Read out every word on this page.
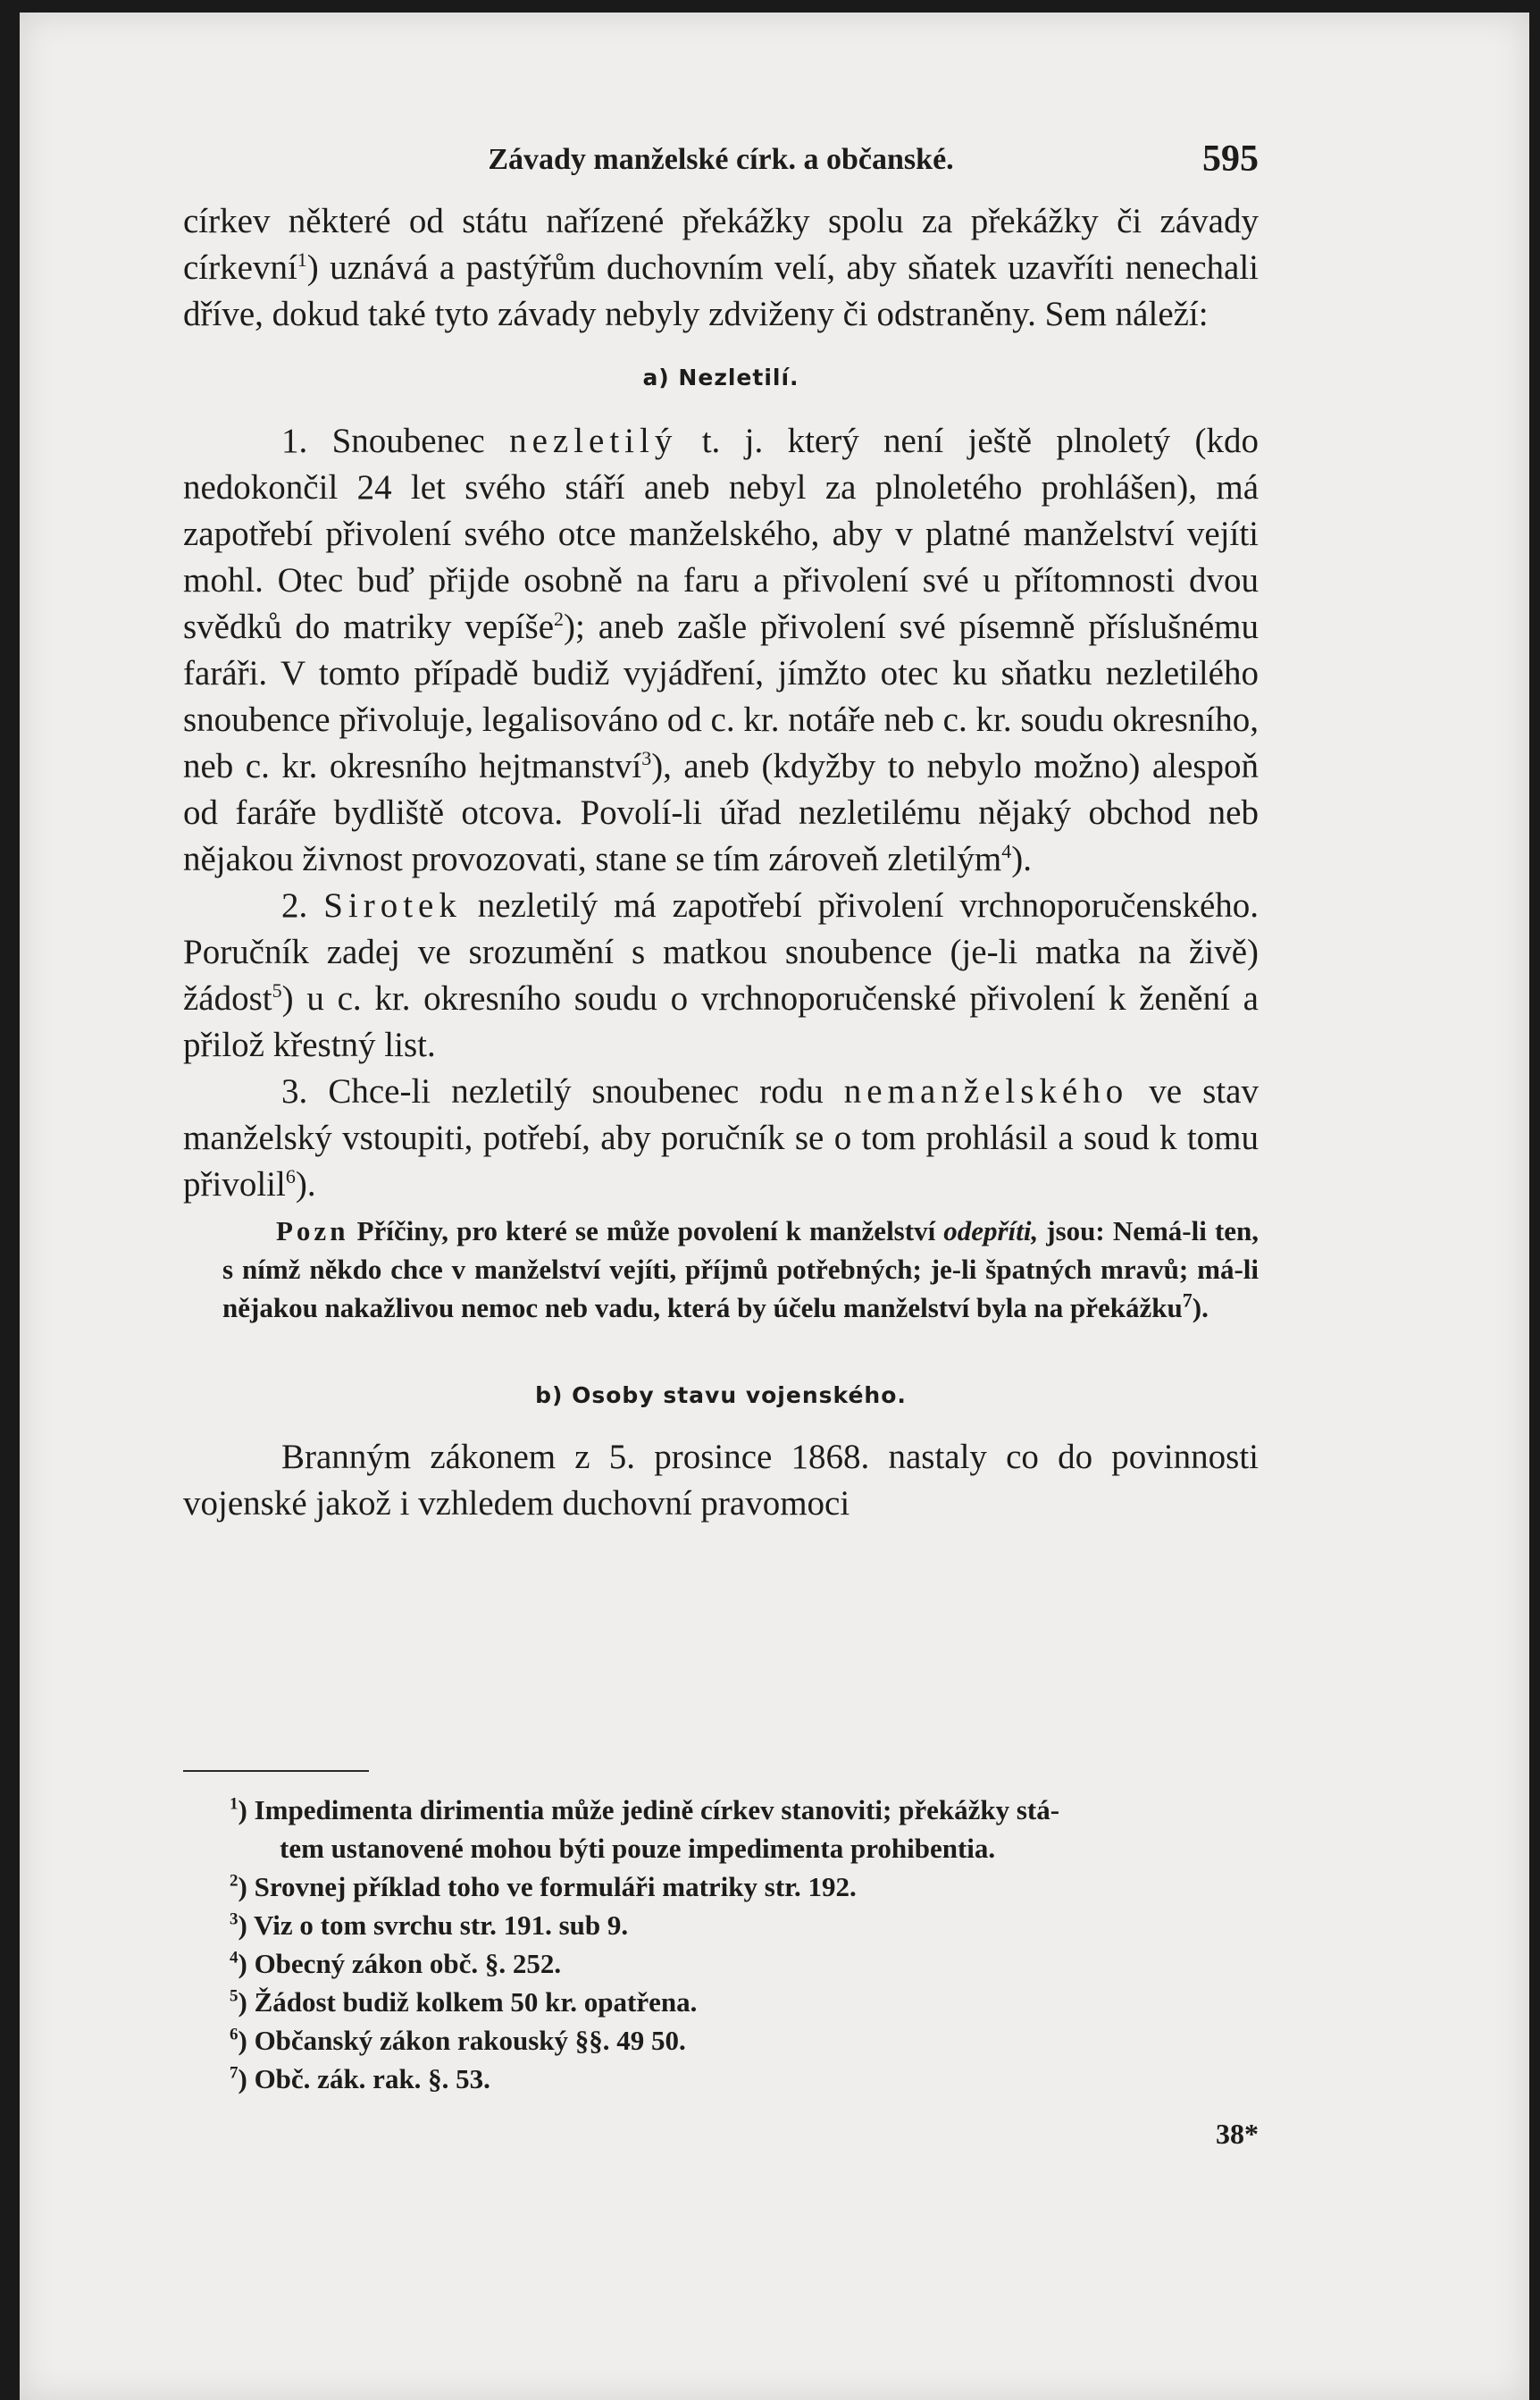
Závady manželské círk. a občanské.	595

církev některé od státu nařízené překážky spolu za překážky či závady církevní$^1$) uznává a pastýřům duchovním velí, aby sňatek uzavříti nenechali dříve, dokud také tyto závady nebyly zdviženy či odstraněny. Sem náleží:

a) Nezletilí.

1. Snoubenec nezletilý t. j. který není ještě plnoletý (kdo nedokončil 24 let svého stáří aneb nebyl za plnoletého prohlášen), má zapotřebí přivolení svého otce manželského, aby v platné manželství vejíti mohl. Otec buď přijde osobně na faru a přivolení své u přítomnosti dvou svědků do matriky vepíše$^2$); aneb zašle přivolení své písemně příslušnému faráři. V tomto případě budiž vyjádření, jímžto otec ku sňatku nezletilého snoubence přivoluje, legalisováno od c. kr. notáře neb c. kr. soudu okresního, neb c. kr. okresního hejtmanství$^3$), aneb (kdyžby to nebylo možno) alespoň od faráře bydliště otcova. Povolí-li úřad nezletilému nějaký obchod neb nějakou živnost provozovati, stane se tím zároveň zletilým$^4$).

2. Sirotek nezletilý má zapotřebí přivolení vrchnoporučenského. Poručník zadej ve srozumění s matkou snoubence (je-li matka na živě) žádost$^5$) u c. kr. okresního soudu o vrchnoporučenské přivolení k ženění a přilož křestný list.

3. Chce-li nezletilý snoubenec rodu nemanželského ve stav manželský vstoupiti, potřebí, aby poručník se o tom prohlásil a soud k tomu přivolil$^6$).

Pozn Příčiny, pro které se může povolení k manželství odepříti, jsou: Nemá-li ten, s nímž někdo chce v manželství vejíti, příjmů potřebných; je-li špatných mravů; má-li nějakou nakažlivou nemoc neb vadu, která by účelu manželství byla na překážku$^7$).

b) Osoby stavu vojenského.

Branným zákonem z 5. prosince 1868. nastaly co do povinnosti vojenské jakož i vzhledem duchovní pravomoci

$^1$) Impedimenta dirimentia může jedině církev stanoviti; překážky stá-
tem ustanovené mohou býti pouze impedimenta prohibentia.

$^2$) Srovnej příklad toho ve formuláři matriky str. 192.

$^3$) Viz o tom svrchu str. 191. sub 9.

$^4$) Obecný zákon obč. §. 252.

$^5$) Žádost budiž kolkem 50 kr. opatřena.

$^6$) Občanský zákon rakouský §§. 49 50.

$^7$) Obč. zák. rak. §. 53.

38*
